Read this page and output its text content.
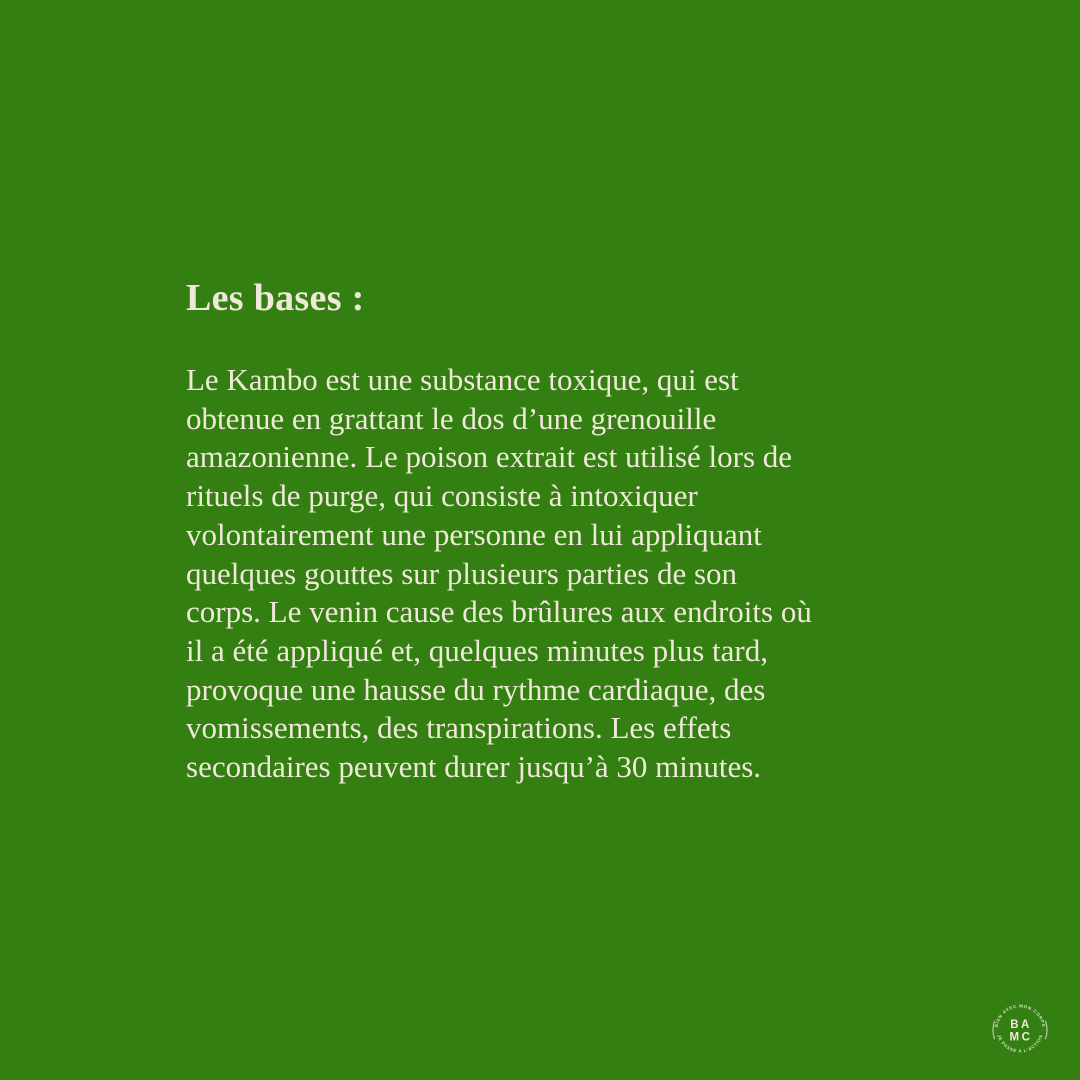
Les bases :
Le Kambo est une substance toxique, qui est
obtenue en grattant le dos d’une grenouille
amazonienne. Le poison extrait est utilisé lors de
rituels de purge, qui consiste à intoxiquer
volontairement une personne en lui appliquant
quelques gouttes sur plusieurs parties de son
corps. Le venin cause des brûlures aux endroits où
il a été appliqué et, quelques minutes plus tard,
provoque une hausse du rythme cardiaque, des
vomissements, des transpirations. Les effets
secondaires peuvent durer jusqu’à 30 minutes.
BIEN AVEC MON CORPS
JE PASSE À L’ACTION
BA
MC
